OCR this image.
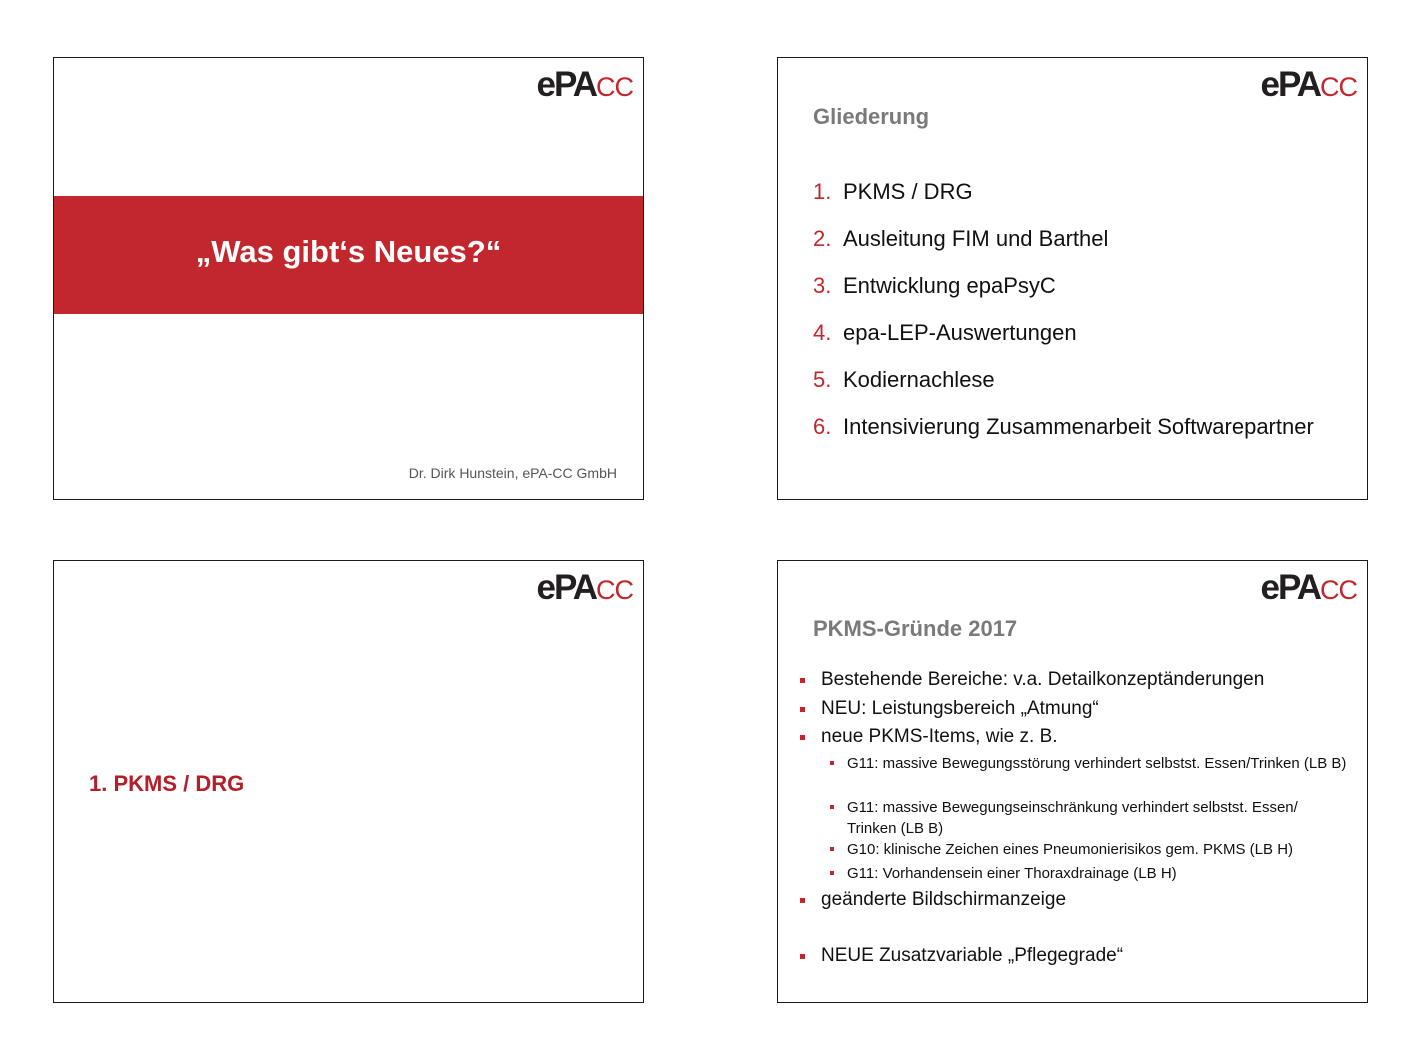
ePACC
„Was gibt‘s Neues?“
Dr. Dirk Hunstein, ePA-CC GmbH
ePACC
Gliederung
1. PKMS / DRG
2. Ausleitung FIM und Barthel
3. Entwicklung epaPsyC
4. epa-LEP-Auswertungen
5. Kodiernachlese
6. Intensivierung Zusammenarbeit Softwarepartner
ePACC
1. PKMS / DRG
ePACC
PKMS-Gründe 2017
Bestehende Bereiche: v.a. Detailkonzeptänderungen
NEU: Leistungsbereich „Atmung“
neue PKMS-Items, wie z. B.
G11: massive Bewegungsstörung verhindert selbstst. Essen/Trinken (LB B)
G11: massive Bewegungseinschränkung verhindert selbstst. Essen/ Trinken (LB B)
G10: klinische Zeichen eines Pneumonierisikos gem. PKMS (LB H)
G11: Vorhandensein einer Thoraxdrainage (LB H)
geänderte Bildschirmanzeige
NEUE Zusatzvariable „Pflegegrade“
